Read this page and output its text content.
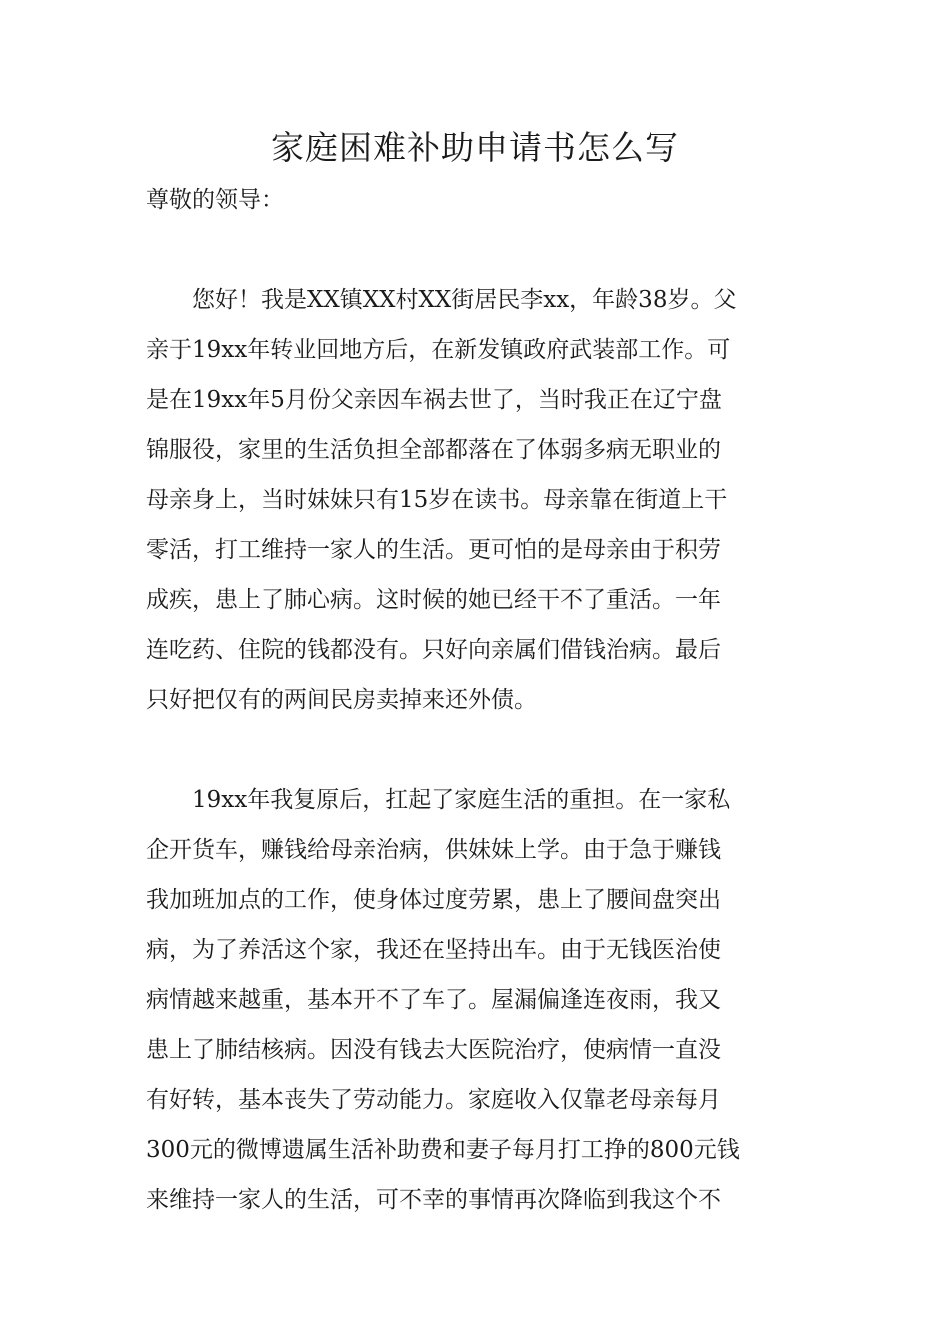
家庭困难补助申请书怎么写

尊敬的领导：

　　您好！我是XX镇XX村XX街居民李xx，年龄38岁。父
亲于19xx年转业回地方后，在新发镇政府武装部工作。可
是在19xx年5月份父亲因车祸去世了，当时我正在辽宁盘
锦服役，家里的生活负担全部都落在了体弱多病无职业的
母亲身上，当时妹妹只有15岁在读书。母亲靠在街道上干
零活，打工维持一家人的生活。更可怕的是母亲由于积劳
成疾，患上了肺心病。这时候的她已经干不了重活。一年
连吃药、住院的钱都没有。只好向亲属们借钱治病。最后
只好把仅有的两间民房卖掉来还外债。
　　19xx年我复原后，扛起了家庭生活的重担。在一家私
企开货车，赚钱给母亲治病，供妹妹上学。由于急于赚钱
我加班加点的工作，使身体过度劳累，患上了腰间盘突出
病，为了养活这个家，我还在坚持出车。由于无钱医治使
病情越来越重，基本开不了车了。屋漏偏逢连夜雨，我又
患上了肺结核病。因没有钱去大医院治疗，使病情一直没
有好转，基本丧失了劳动能力。家庭收入仅靠老母亲每月
300元的微博遗属生活补助费和妻子每月打工挣的800元钱
来维持一家人的生活，可不幸的事情再次降临到我这个不
